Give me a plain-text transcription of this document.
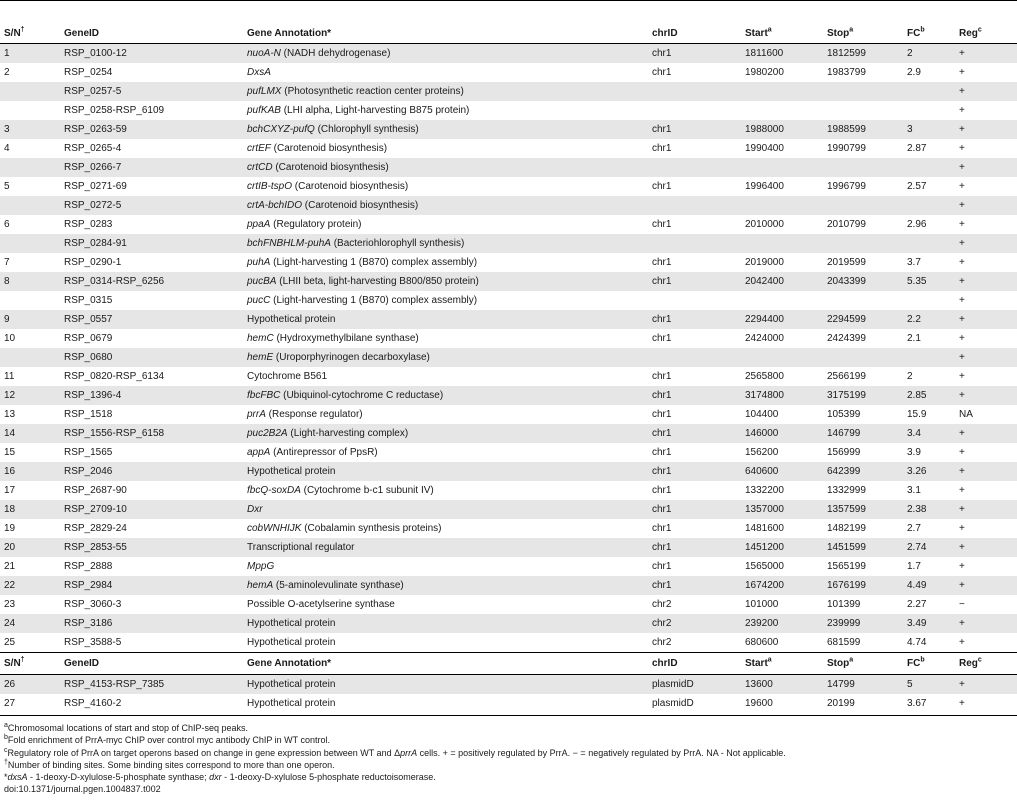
S/N†	GeneID	Gene Annotation*	chrID	Start$^a$	Stop$^a$	$FC^b$	Reg$^c$
1	RSP_0100-12	nuoA-N (NADH dehydrogenase)	chr1	1811600	1812599	2	+
2	RSP_0254	DxsA	chr1	1980200	1983799	2.9	+
	RSP_0257-5	pufLMX (Photosynthetic reaction center proteins)					+
	RSP_0258-RSP_6109	pufKAB (LHI alpha, Light-harvesting B875 protein)					+
3	RSP_0263-59	bchCXYZ-pufQ (Chlorophyll synthesis)	chr1	1988000	1988599	3	+
4	RSP_0265-4	crtEF (Carotenoid biosynthesis)	chr1	1990400	1990799	2.87	+
	RSP_0266-7	crtCD (Carotenoid biosynthesis)					+
5	RSP_0271-69	crtIB-tspO (Carotenoid biosynthesis)	chr1	1996400	1996799	2.57	+
	RSP_0272-5	crtA-bchIDO (Carotenoid biosynthesis)					+
6	RSP_0283	ppaA (Regulatory protein)	chr1	2010000	2010799	2.96	+
	RSP_0284-91	bchFNBHLM-puhA (Bacteriohlorophyll synthesis)					+
7	RSP_0290-1	puhA (Light-harvesting 1 (B870) complex assembly)	chr1	2019000	2019599	3.7	+
8	RSP_0314-RSP_6256	pucBA (LHII beta, light-harvesting B800/850 protein)	chr1	2042400	2043399	5.35	+
	RSP_0315	pucC (Light-harvesting 1 (B870) complex assembly)					+
9	RSP_0557	Hypothetical protein	chr1	2294400	2294599	2.2	+
10	RSP_0679	hemC (Hydroxymethylbilane synthase)	chr1	2424000	2424399	2.1	+
	RSP_0680	hemE (Uroporphyrinogen decarboxylase)					+
11	RSP_0820-RSP_6134	Cytochrome B561	chr1	2565800	2566199	2	+
12	RSP_1396-4	fbcFBC (Ubiquinol-cytochrome C reductase)	chr1	3174800	3175199	2.85	+
13	RSP_1518	prrA (Response regulator)	chr1	104400	105399	15.9	NA
14	RSP_1556-RSP_6158	puc2B2A (Light-harvesting complex)	chr1	146000	146799	3.4	+
15	RSP_1565	appA (Antirepressor of PpsR)	chr1	156200	156999	3.9	+
16	RSP_2046	Hypothetical protein	chr1	640600	642399	3.26	+
17	RSP_2687-90	fbcQ-soxDA (Cytochrome b-c1 subunit IV)	chr1	1332200	1332999	3.1	+
18	RSP_2709-10	Dxr	chr1	1357000	1357599	2.38	+
19	RSP_2829-24	cobWNHIJK (Cobalamin synthesis proteins)	chr1	1481600	1482199	2.7	+
20	RSP_2853-55	Transcriptional regulator	chr1	1451200	1451599	2.74	+
21	RSP_2888	MppG	chr1	1565000	1565199	1.7	+
22	RSP_2984	hemA (5-aminolevulinate synthase)	chr1	1674200	1676199	4.49	+
23	RSP_3060-3	Possible O-acetylserine synthase	chr2	101000	101399	2.27	−
24	RSP_3186	Hypothetical protein	chr2	239200	239999	3.49	+
25	RSP_3588-5	Hypothetical protein	chr2	680600	681599	4.74	+
S/N†	GeneID	Gene Annotation*	chrID	Start$^a$	Stop$^a$	$FC^b$	Reg$^c$
26	RSP_4153-RSP_7385	Hypothetical protein	plasmidD	13600	14799	5	+
27	RSP_4160-2	Hypothetical protein	plasmidD	19600	20199	3.67	+
$^a$Chromosomal locations of start and stop of ChIP-seq peaks.
$^b$Fold enrichment of PrrA-myc ChIP over control myc antibody ChIP in WT control.
$^c$Regulatory role of PrrA on target operons based on change in gene expression between WT and ΔprrA cells. + = positively regulated by PrrA. − = negatively regulated by PrrA. NA - Not applicable.
†Number of binding sites. Some binding sites correspond to more than one operon.
*dxsA - 1-deoxy-D-xylulose-5-phosphate synthase; dxr - 1-deoxy-D-xylulose 5-phosphate reductoisomerase.
doi:10.1371/journal.pgen.1004837.t002
